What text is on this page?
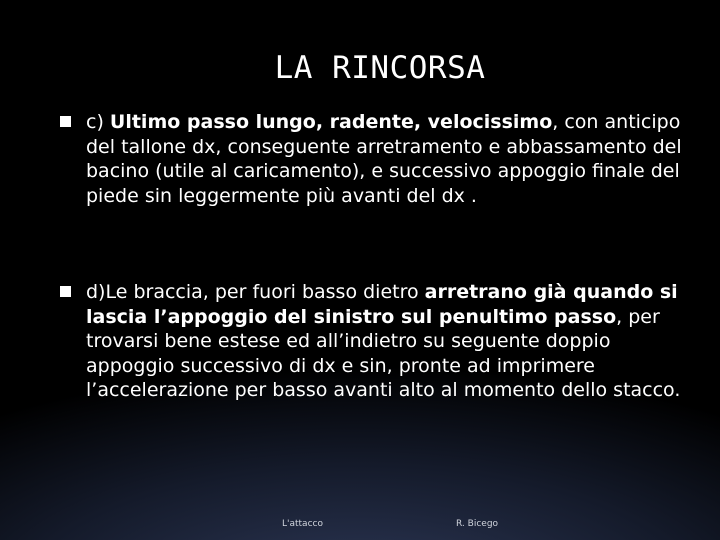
LA RINCORSA
c) Ultimo passo lungo, radente, velocissimo, con anticipo del tallone dx, conseguente arretramento e abbassamento del bacino (utile al caricamento), e successivo appoggio finale del piede sin leggermente più avanti del dx .
d)Le braccia, per fuori basso dietro arretrano già quando si lascia l’appoggio del sinistro sul penultimo passo, per trovarsi bene estese ed all’indietro su seguente doppio appoggio successivo di dx e sin, pronte ad imprimere l’accelerazione per basso avanti alto al momento dello stacco.
L'attacco	R. Bicego
